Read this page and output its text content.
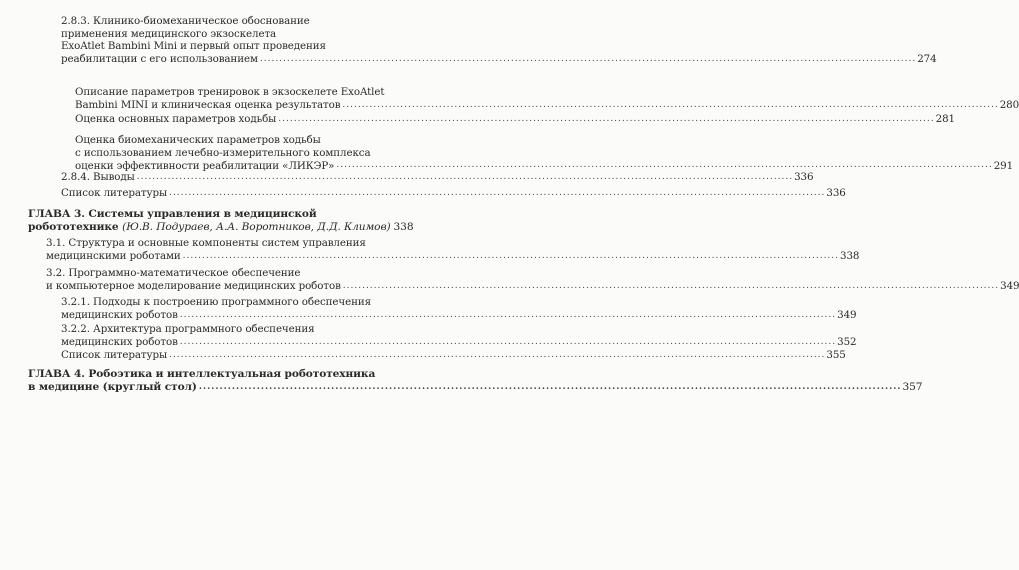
2.8.3. Клинико-биомеханическое обоснование
применения медицинского экзоскелета
ExoAtlet Bambini Mini и первый опыт проведения
реабилитации с его использованием .....	274
Описание параметров тренировок в экзоскелете ExoAtlet
Bambini MINI и клиническая оценка результатов .....	280
Оценка основных параметров ходьбы .....	281
Оценка биомеханических параметров ходьбы
с использованием лечебно-измерительного комплекса
оценки эффективности реабилитации «ЛИКЭР» .....	291
2.8.4. Выводы .....	336
Список литературы .....	336
ГЛАВА 3. Системы управления в медицинской
робототехнике (Ю.В. Подураев, А.А. Воротников, Д.Д. Климов) 338
3.1. Структура и основные компоненты систем управления
медицинскими роботами .....	338
3.2. Программно-математическое обеспечение
и компьютерное моделирование медицинских роботов .....	349
3.2.1. Подходы к построению программного обеспечения
медицинских роботов .....	349
3.2.2. Архитектура программного обеспечения
медицинских роботов .....	352
Список литературы .....	355
ГЛАВА 4. Робоэтика и интеллектуальная робототехника
в медицине (круглый стол) .....	357
